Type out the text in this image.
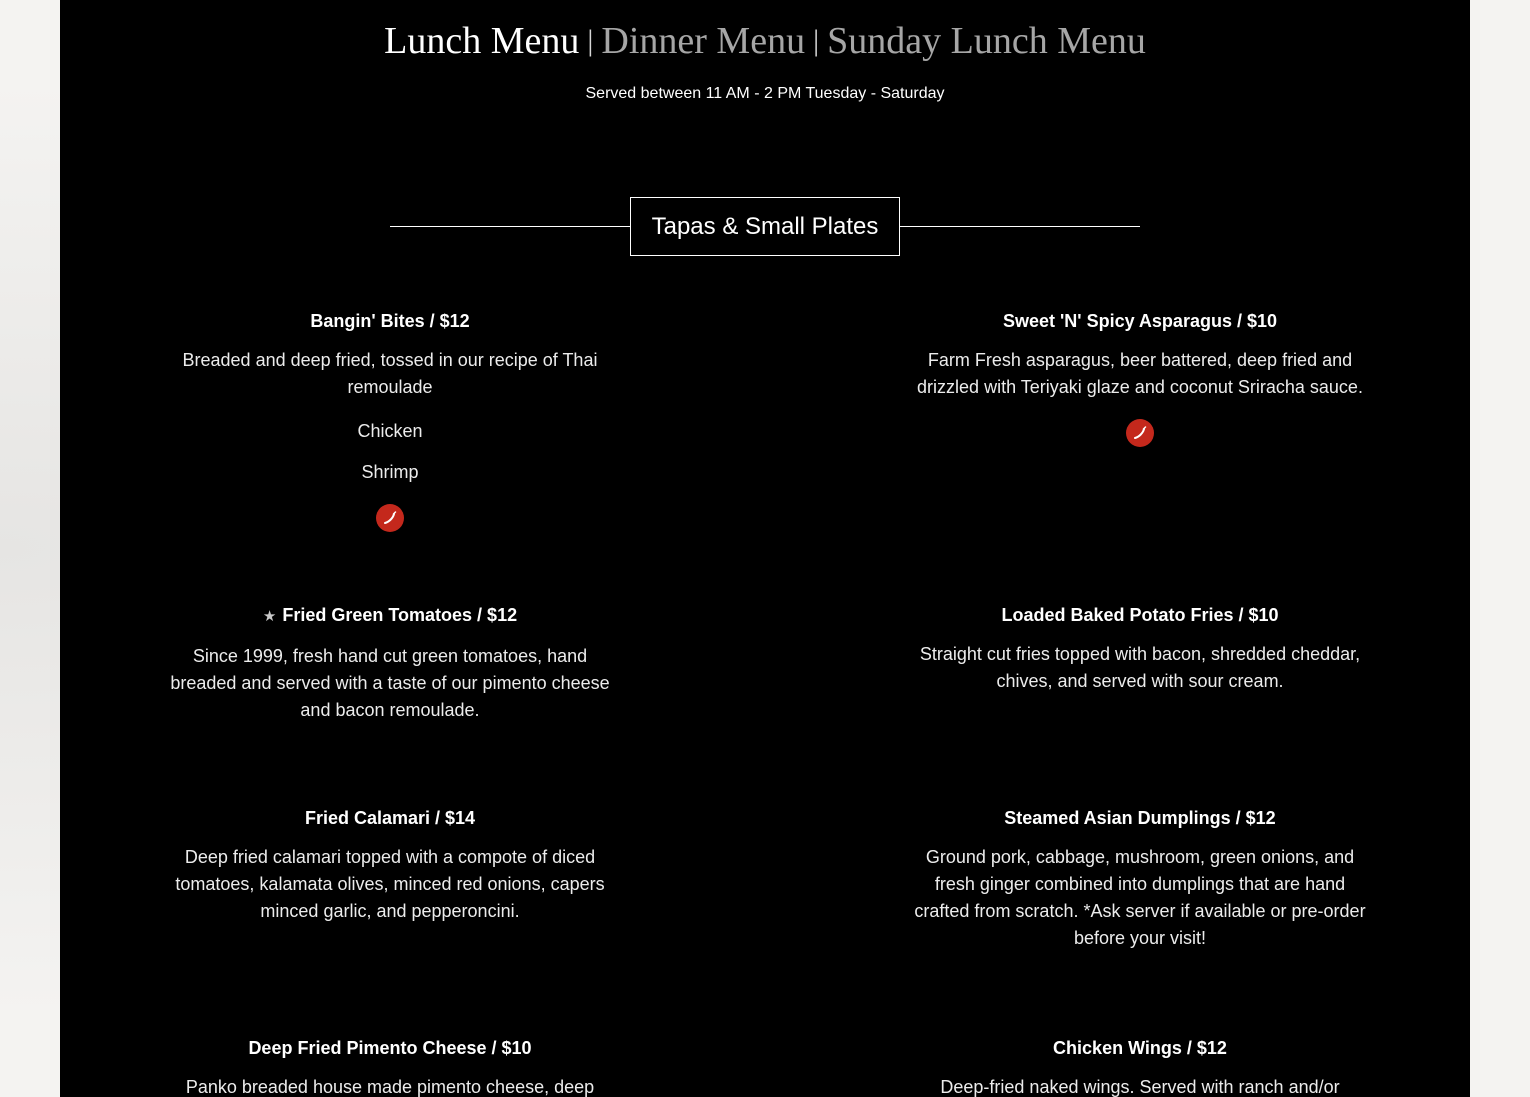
Lunch Menu | Dinner Menu | Sunday Lunch Menu
Served between 11 AM - 2 PM Tuesday - Saturday
Tapas & Small Plates

Bangin' Bites / $12

Breaded and deep fried, tossed in our recipe of Thai remoulade

Chicken

Shrimp

Sweet 'N' Spicy Asparagus / $10

Farm Fresh asparagus, beer battered, deep fried and drizzled with Teriyaki glaze and coconut Sriracha sauce.

★ Fried Green Tomatoes / $12

Since 1999, fresh hand cut green tomatoes, hand breaded and served with a taste of our pimento cheese and bacon remoulade.

Loaded Baked Potato Fries / $10

Straight cut fries topped with bacon, shredded cheddar, chives, and served with sour cream.

Fried Calamari / $14

Deep fried calamari topped with a compote of diced tomatoes, kalamata olives, minced red onions, capers minced garlic, and pepperoncini.

Steamed Asian Dumplings / $12

Ground pork, cabbage, mushroom, green onions, and fresh ginger combined into dumplings that are hand crafted from scratch. *Ask server if available or pre-order before your visit!

Deep Fried Pimento Cheese / $10

Panko breaded house made pimento cheese, deep

Chicken Wings / $12

Deep-fried naked wings. Served with ranch and/or
